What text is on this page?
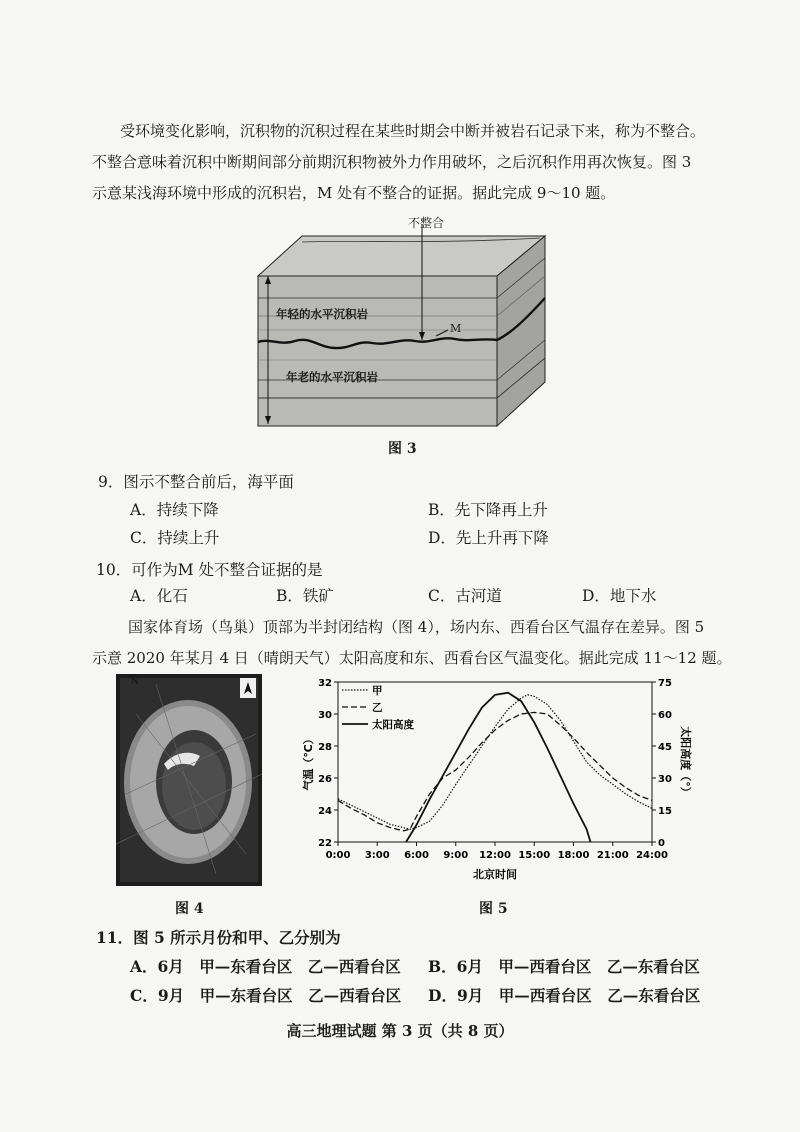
受环境变化影响，沉积物的沉积过程在某些时期会中断并被岩石记录下来，称为不整合。
不整合意味着沉积中断期间部分前期沉积物被外力作用破坏，之后沉积作用再次恢复。图 3
示意某浅海环境中形成的沉积岩，M 处有不整合的证据。据此完成 9～10 题。
不整合
年轻的水平沉积岩
年老的水平沉积岩
M
图 3
9．图示不整合前后，海平面
A．持续下降	B．先下降再上升
C．持续上升	D．先上升再下降
10．可作为M 处不整合证据的是
A．化石	B．铁矿	C．古河道	D．地下水
国家体育场（鸟巢）顶部为半封闭结构（图 4），场内东、西看台区气温存在差异。图 5
示意 2020 年某月 4 日（晴朗天气）太阳高度和东、西看台区气温变化。据此完成 11～12 题。
N
图 4
0:00 3:00 6:00 9:00 12:00 15:00 18:00 21:00 24:00
22
24
26
28
30
32
0
15
30
45
60
75
北京时间
气温（℃）	太阳高度（°）
甲
乙
太阳高度
图 5
11．图 5 所示月份和甲、乙分别为
A．6月　甲—东看台区　乙—西看台区 B．6月　甲—西看台区　乙—东看台区
C．9月　甲—东看台区　乙—西看台区 D．9月　甲—西看台区　乙—东看台区
高三地理试题 第 3 页（共 8 页）
